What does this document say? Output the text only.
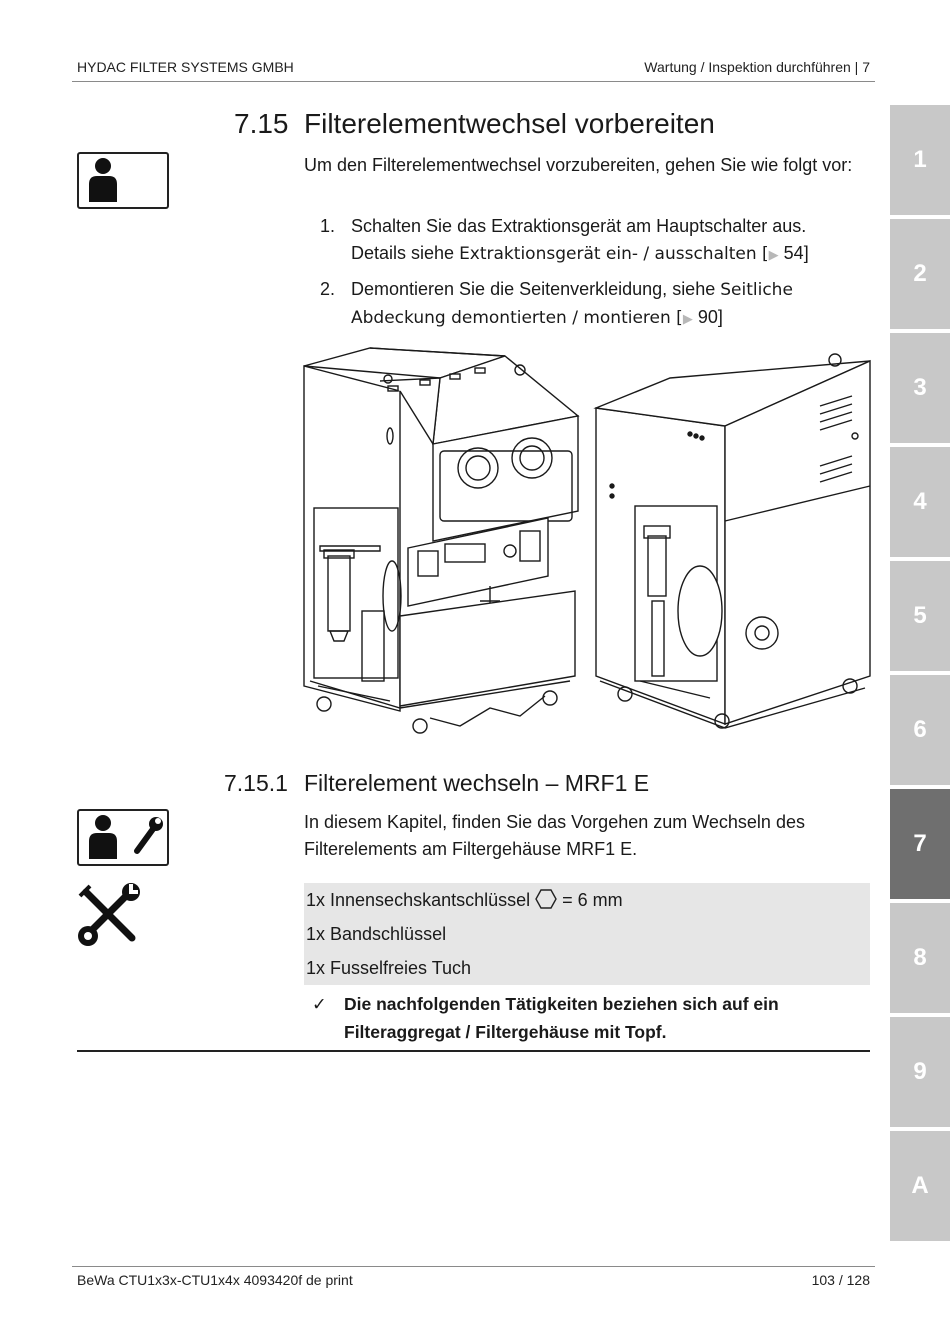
HYDAC FILTER SYSTEMS GMBH	Wartung / Inspektion durchführen | 7
1
2
3
4
5
6
7
8
9
A
7.15 Filterelementwechsel vorbereiten
Um den Filterelementwechsel vorzubereiten, gehen Sie wie folgt vor:
1. Schalten Sie das Extraktionsgerät am Hauptschalter aus. Details siehe Extraktionsgerät ein- / ausschalten [▶ 54]
2. Demontieren Sie die Seitenverkleidung, siehe Seitliche Abdeckung demontierten / montieren [▶ 90]
7.15.1 Filterelement wechseln – MRF1 E
In diesem Kapitel, finden Sie das Vorgehen zum Wechseln des Filterelements am Filtergehäuse MRF1 E.
1x Innensechskantschlüssel  = 6 mm
1x Bandschlüssel
1x Fusselfreies Tuch
✓ Die nachfolgenden Tätigkeiten beziehen sich auf ein Filteraggregat / Filtergehäuse mit Topf.
BeWa CTU1x3x-CTU1x4x 4093420f de print	103 / 128
